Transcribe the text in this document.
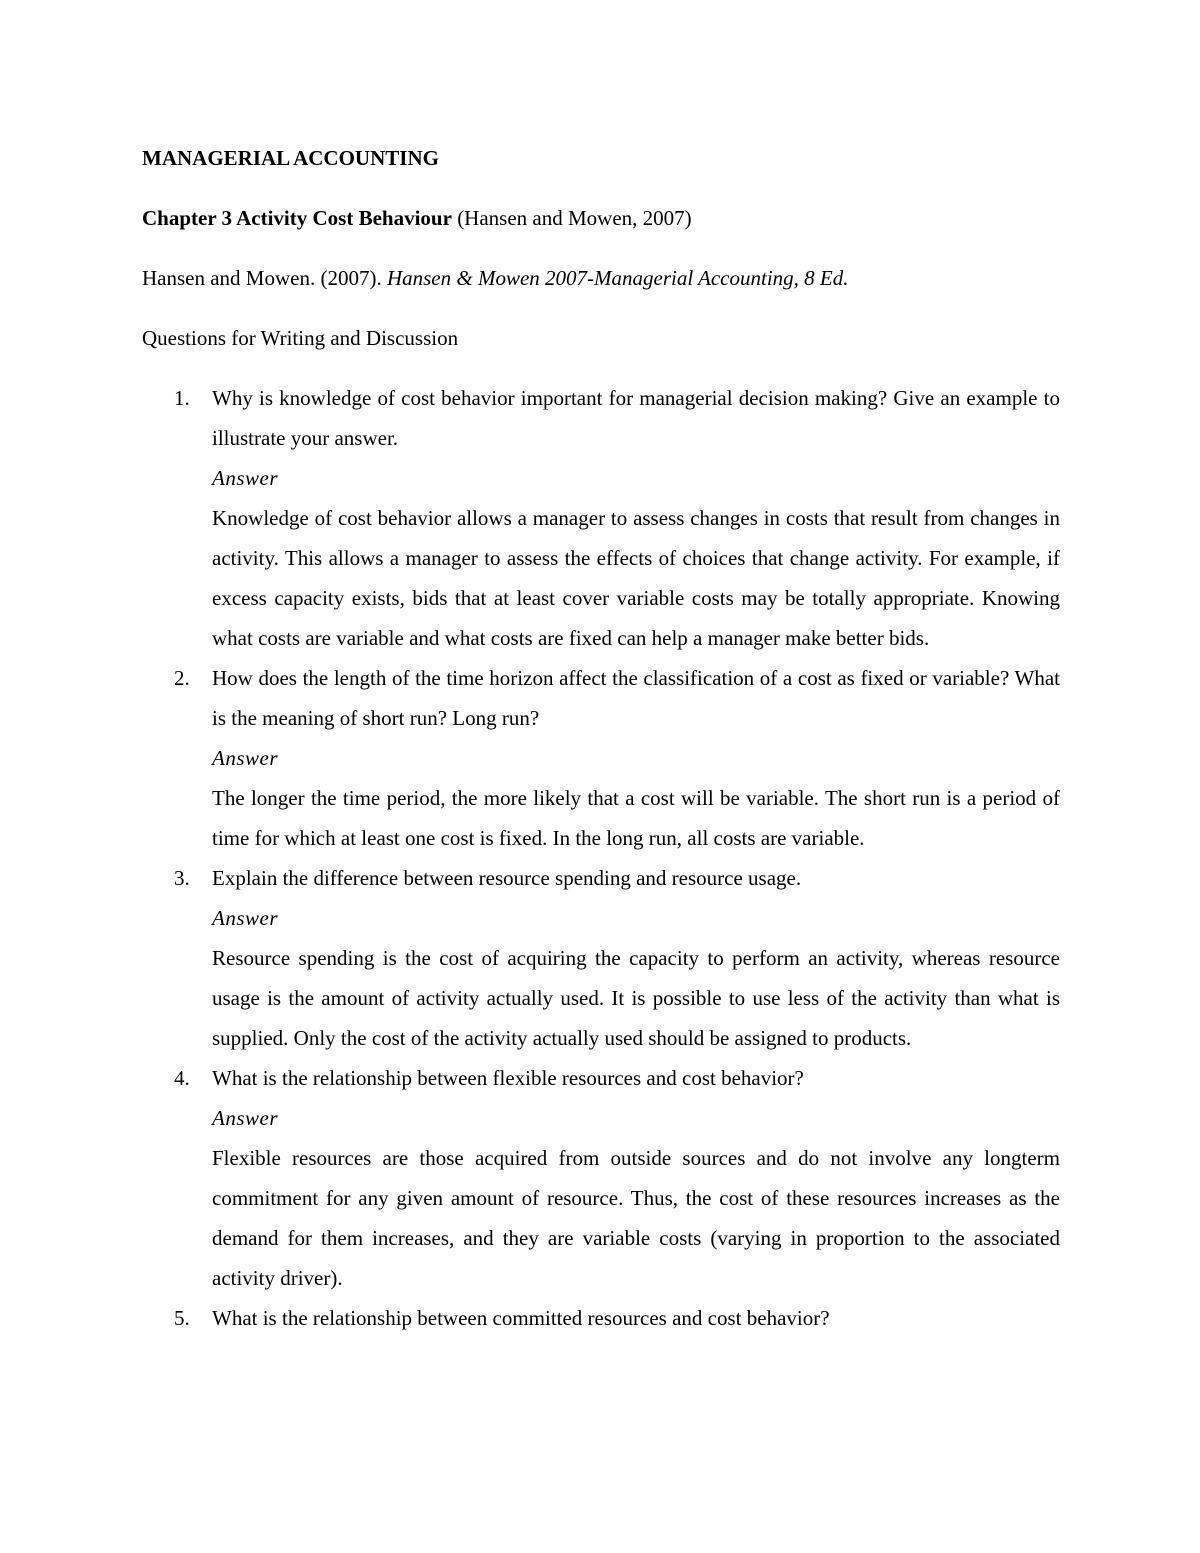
MANAGERIAL ACCOUNTING
Chapter 3 Activity Cost Behaviour (Hansen and Mowen, 2007)
Hansen and Mowen. (2007). Hansen & Mowen 2007-Managerial Accounting, 8 Ed.
Questions for Writing and Discussion
1. Why is knowledge of cost behavior important for managerial decision making? Give an example to illustrate your answer.
Answer
Knowledge of cost behavior allows a manager to assess changes in costs that result from changes in activity. This allows a manager to assess the effects of choices that change activity. For example, if excess capacity exists, bids that at least cover variable costs may be totally appropriate. Knowing what costs are variable and what costs are fixed can help a manager make better bids.
2. How does the length of the time horizon affect the classification of a cost as fixed or variable? What is the meaning of short run? Long run?
Answer
The longer the time period, the more likely that a cost will be variable. The short run is a period of time for which at least one cost is fixed. In the long run, all costs are variable.
3. Explain the difference between resource spending and resource usage.
Answer
Resource spending is the cost of acquiring the capacity to perform an activity, whereas resource usage is the amount of activity actually used. It is possible to use less of the activity than what is supplied. Only the cost of the activity actually used should be assigned to products.
4. What is the relationship between flexible resources and cost behavior?
Answer
Flexible resources are those acquired from outside sources and do not involve any longterm commitment for any given amount of resource. Thus, the cost of these resources increases as the demand for them increases, and they are variable costs (varying in proportion to the associated activity driver).
5. What is the relationship between committed resources and cost behavior?
